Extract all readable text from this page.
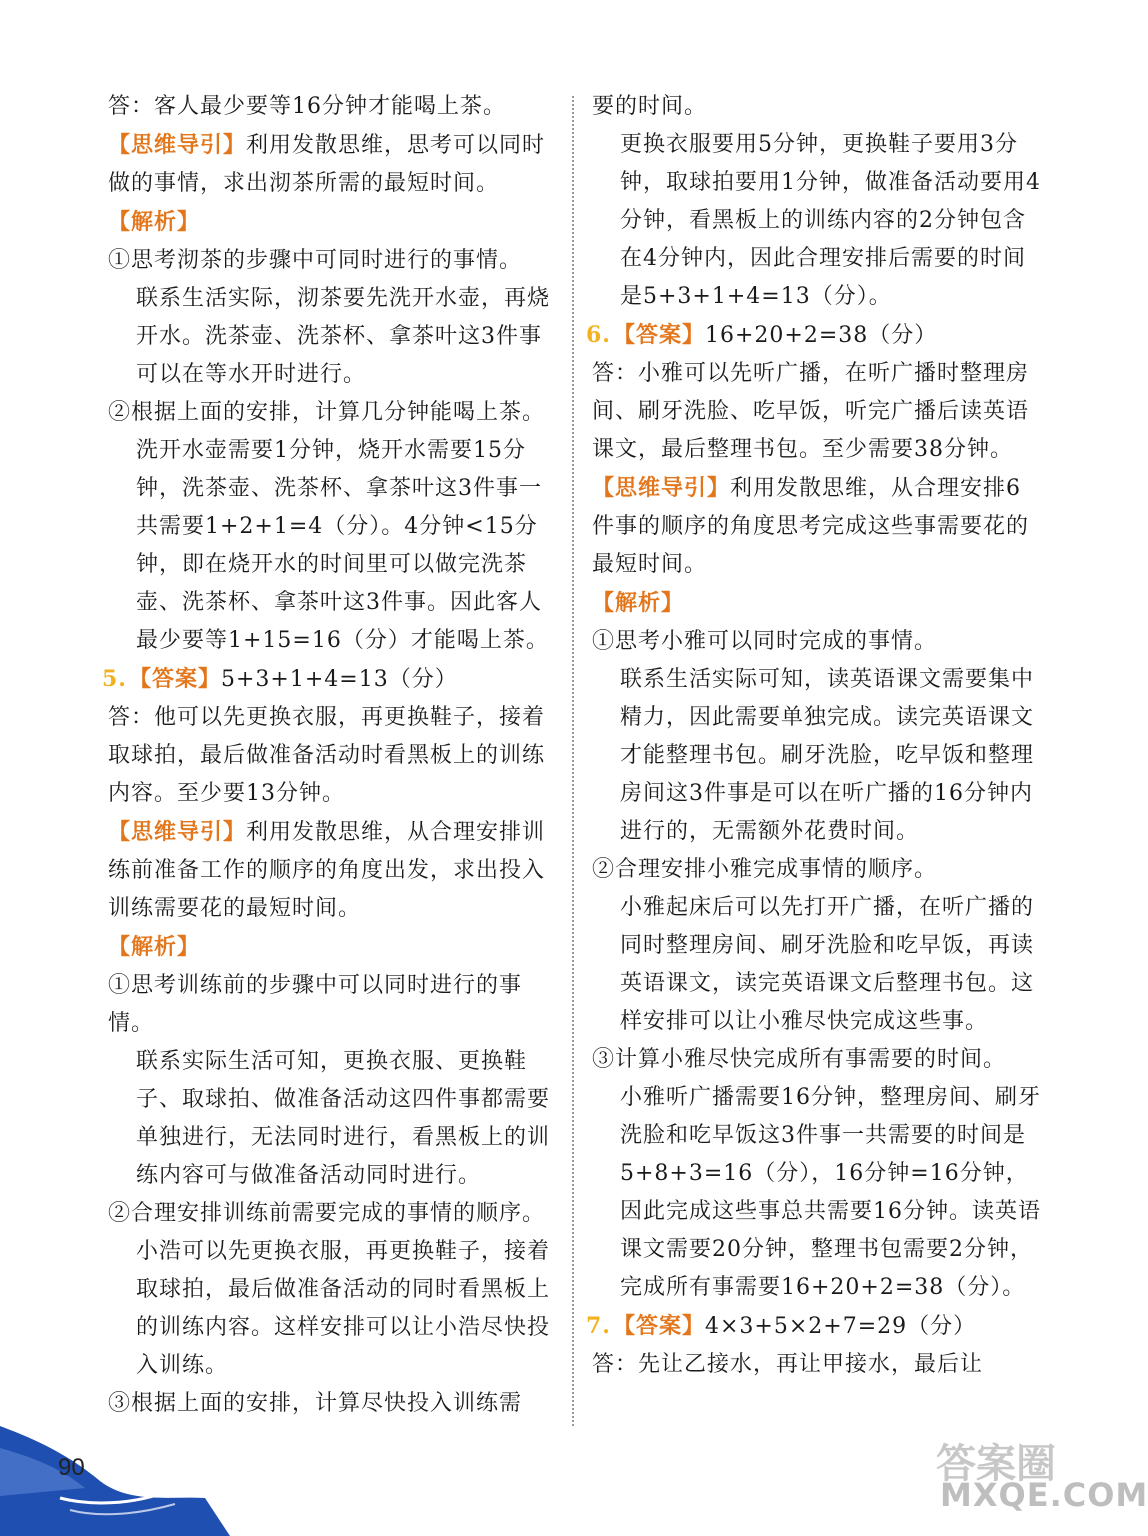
答：客人最少要等16分钟才能喝上茶。

【思维导引】利用发散思维，思考可以同时做的事情，求出沏茶所需的最短时间。

【解析】

①思考沏茶的步骤中可同时进行的事情。

联系生活实际，沏茶要先洗开水壶，再烧开水。洗茶壶、洗茶杯、拿茶叶这3件事可以在等水开时进行。

②根据上面的安排，计算几分钟能喝上茶。

洗开水壶需要1分钟，烧开水需要15分钟，洗茶壶、洗茶杯、拿茶叶这3件事一共需要1+2+1=4（分）。4分钟<15分钟，即在烧开水的时间里可以做完洗茶壶、洗茶杯、拿茶叶这3件事。因此客人最少要等1+15=16（分）才能喝上茶。

5.【答案】5+3+1+4=13（分）

答：他可以先更换衣服，再更换鞋子，接着取球拍，最后做准备活动时看黑板上的训练内容。至少要13分钟。

【思维导引】利用发散思维，从合理安排训练前准备工作的顺序的角度出发，求出投入训练需要花的最短时间。

【解析】

①思考训练前的步骤中可以同时进行的事情。

联系实际生活可知，更换衣服、更换鞋子、取球拍、做准备活动这四件事都需要单独进行，无法同时进行，看黑板上的训练内容可与做准备活动同时进行。

②合理安排训练前需要完成的事情的顺序。

小浩可以先更换衣服，再更换鞋子，接着取球拍，最后做准备活动的同时看黑板上的训练内容。这样安排可以让小浩尽快投入训练。

③根据上面的安排，计算尽快投入训练需

要的时间。

更换衣服要用5分钟，更换鞋子要用3分钟，取球拍要用1分钟，做准备活动要用4分钟，看黑板上的训练内容的2分钟包含在4分钟内，因此合理安排后需要的时间是5+3+1+4=13（分）。

6.【答案】16+20+2=38（分）

答：小雅可以先听广播，在听广播时整理房间、刷牙洗脸、吃早饭，听完广播后读英语课文，最后整理书包。至少需要38分钟。

【思维导引】利用发散思维，从合理安排6件事的顺序的角度思考完成这些事需要花的最短时间。

【解析】

①思考小雅可以同时完成的事情。

联系生活实际可知，读英语课文需要集中精力，因此需要单独完成。读完英语课文才能整理书包。刷牙洗脸，吃早饭和整理房间这3件事是可以在听广播的16分钟内进行的，无需额外花费时间。

②合理安排小雅完成事情的顺序。

小雅起床后可以先打开广播，在听广播的同时整理房间、刷牙洗脸和吃早饭，再读英语课文，读完英语课文后整理书包。这样安排可以让小雅尽快完成这些事。

③计算小雅尽快完成所有事需要的时间。

小雅听广播需要16分钟，整理房间、刷牙洗脸和吃早饭这3件事一共需要的时间是5+8+3=16（分），16分钟=16分钟，因此完成这些事总共需要16分钟。读英语课文需要20分钟，整理书包需要2分钟，完成所有事需要16+20+2=38（分）。

7.【答案】4×3+5×2+7=29（分）

答：先让乙接水，再让甲接水，最后让

90	答案圈
MXQE.COM
